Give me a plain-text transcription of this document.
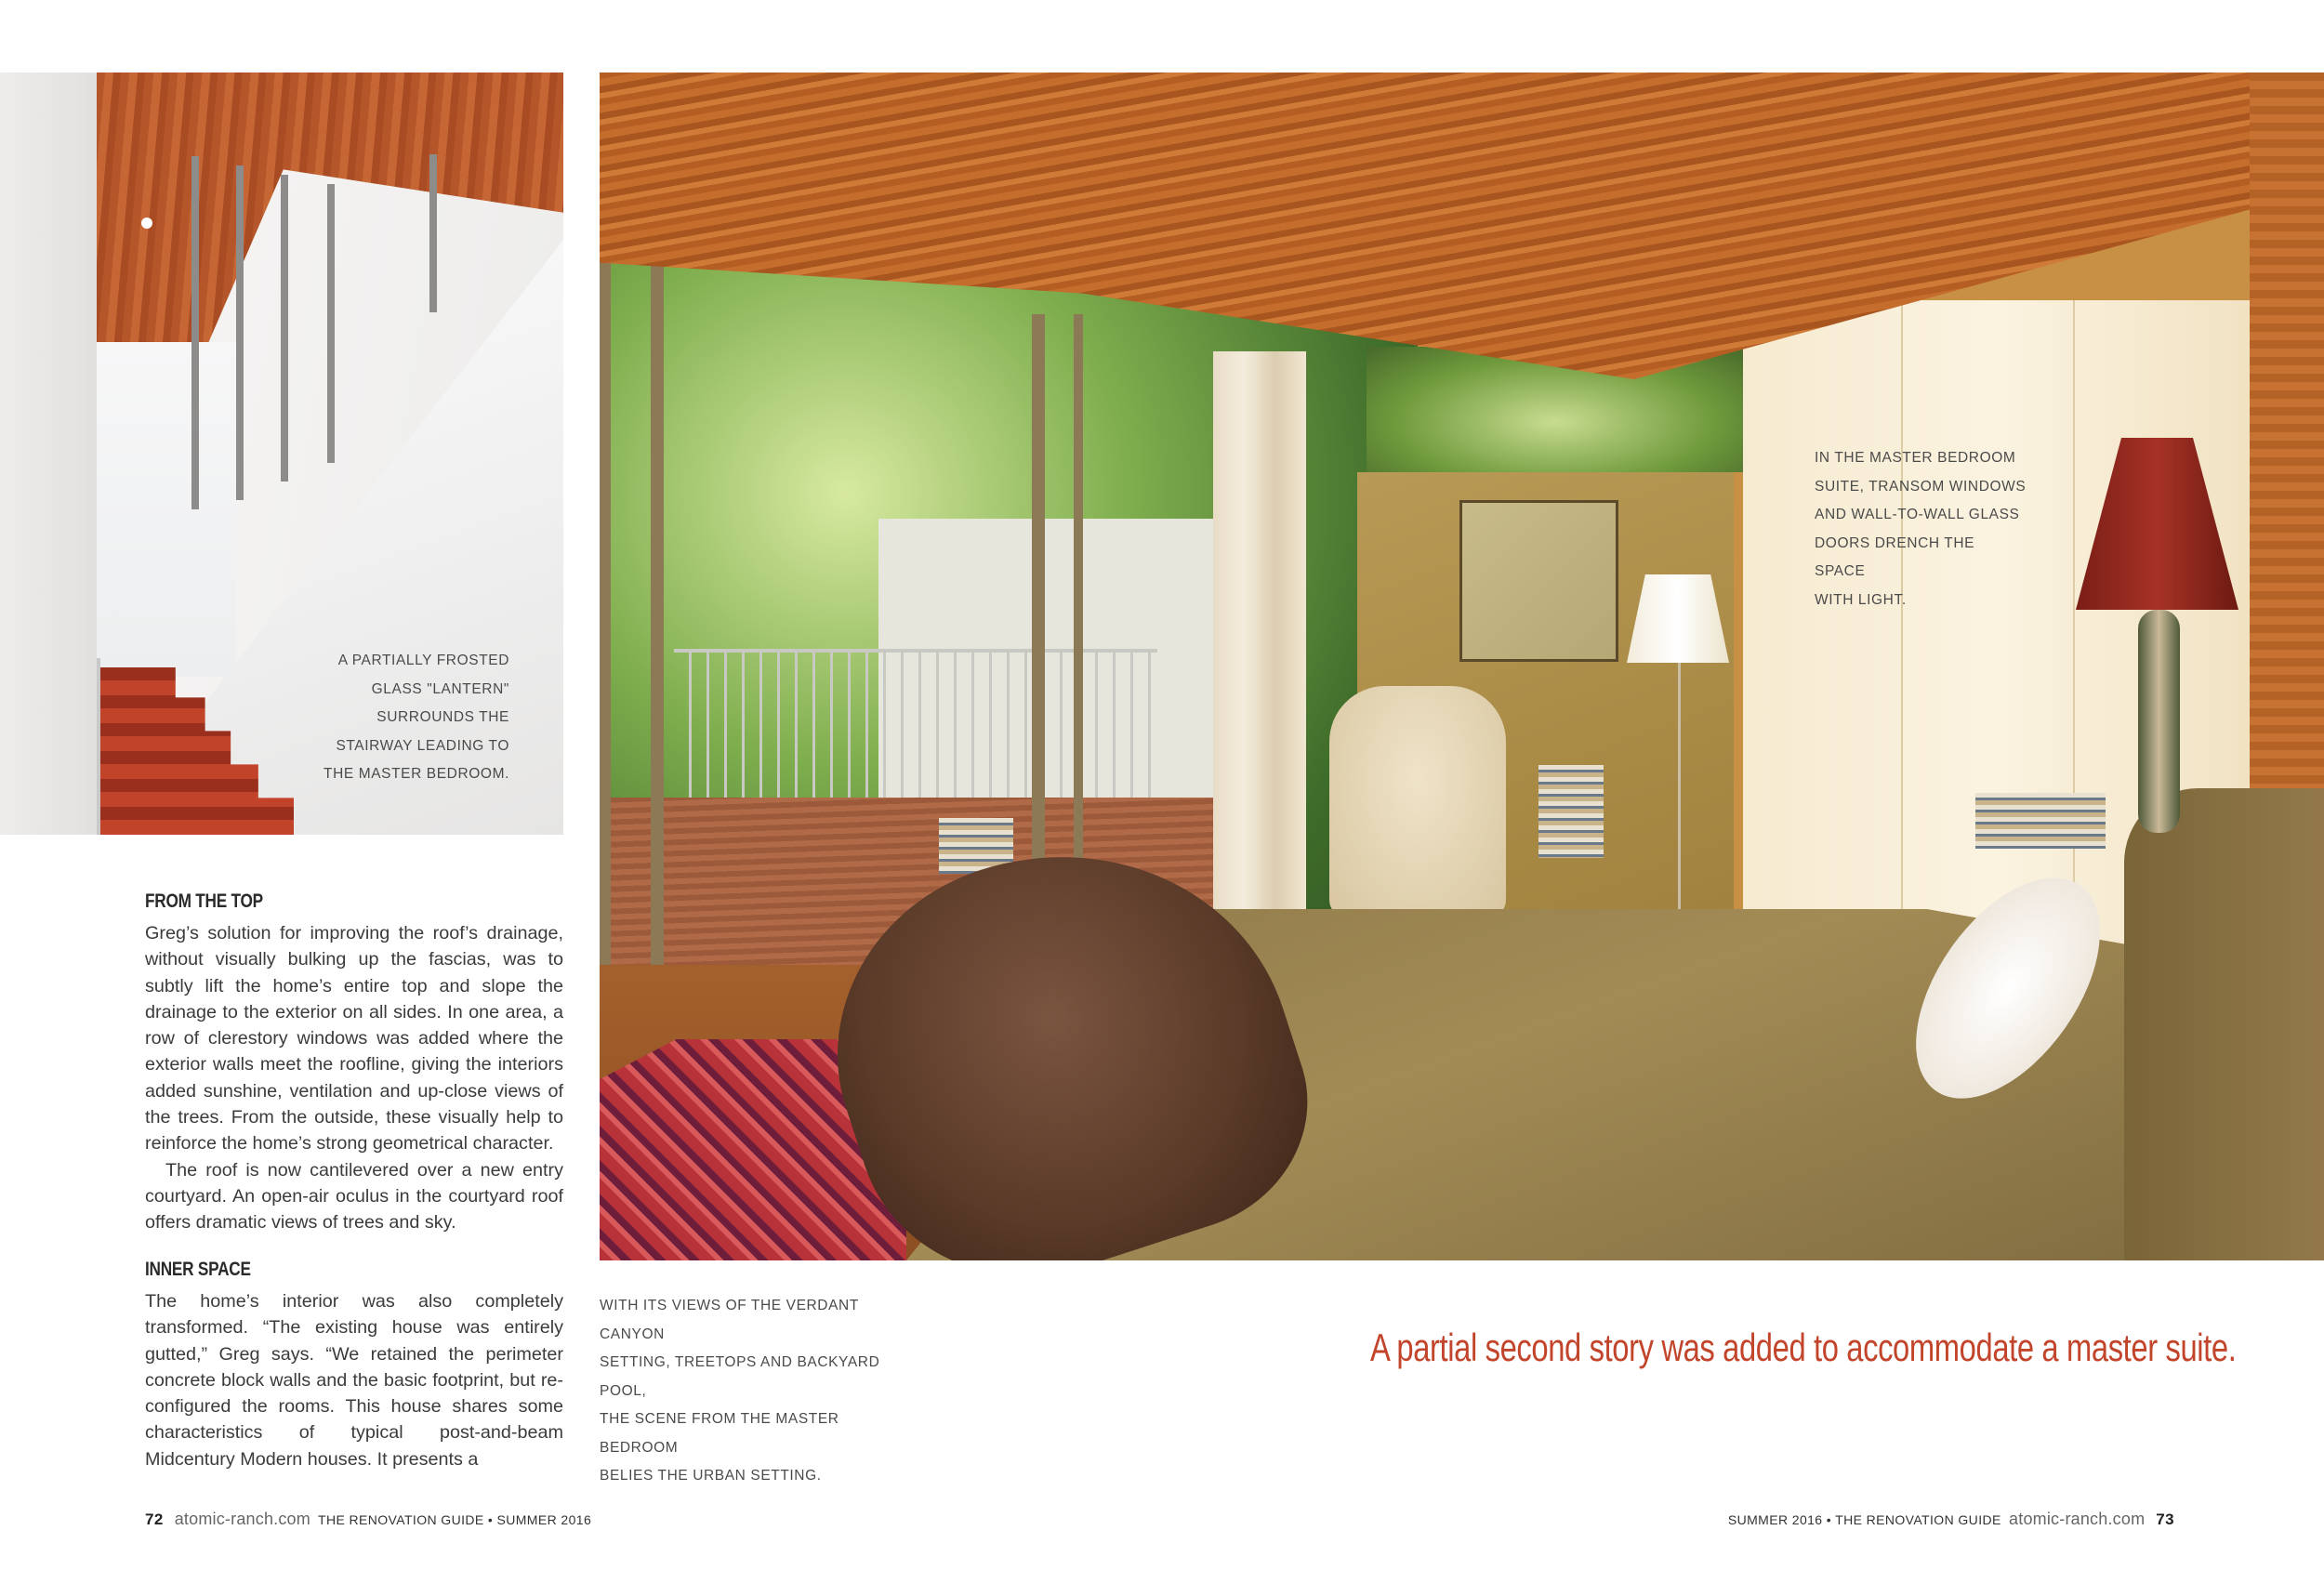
A PARTIALLY FROSTED
GLASS "LANTERN"
SURROUNDS THE
STAIRWAY LEADING TO
THE MASTER BEDROOM.
FROM THE TOP

Greg’s solution for improving the roof’s drainage, without visually bulking up the fascias, was to subtly lift the home’s entire top and slope the drainage to the exterior on all sides. In one area, a row of clerestory windows was added where the exterior walls meet the roofline, giving the interiors added sunshine, ventilation and up-close views of the trees. From the outside, these visually help to reinforce the home’s strong geometrical character.

The roof is now cantilevered over a new entry courtyard. An open-air oculus in the courtyard roof offers dramatic views of trees and sky.

INNER SPACE

The home’s interior was also completely transformed. “The existing house was entirely gutted,” Greg says. “We retained the perimeter concrete block walls and the basic footprint, but re-configured the rooms. This house shares some characteristics of typical post-and-beam Midcentury Modern houses. It presents a

IN THE MASTER BEDROOM
SUITE, TRANSOM WINDOWS
AND WALL-TO-WALL GLASS
DOORS DRENCH THE SPACE
WITH LIGHT.
WITH ITS VIEWS OF THE VERDANT CANYON
SETTING, TREETOPS AND BACKYARD POOL,
THE SCENE FROM THE MASTER BEDROOM
BELIES THE URBAN SETTING.
A partial second story was added to accommodate a master suite.
72 atomic-ranch.com THE RENOVATION GUIDE • SUMMER 2016	SUMMER 2016 • THE RENOVATION GUIDE atomic-ranch.com 73
